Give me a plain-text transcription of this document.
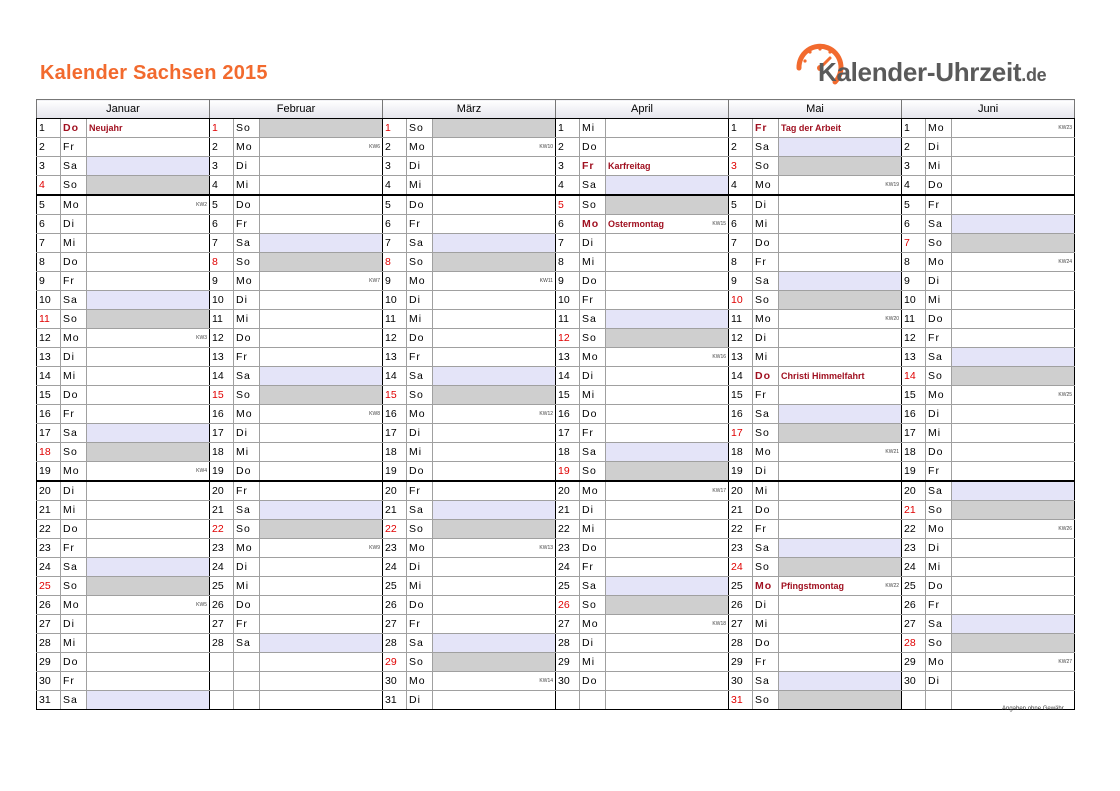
Kalender Sachsen 2015	Kalender-Uhrzeit.de
Januar			Februar			März			April			Mai			Juni		
1	Do	Neujahr	1	So		1	So		1	Mi		1	Fr	Tag der Arbeit	1	Mo	KW23

2	Fr		2	Mo	KW6	2	Mo	KW10	2	Do		2	Sa		2	Di	
3	Sa		3	Di		3	Di		3	Fr	Karfreitag	3	So		3	Mi	
4	So		4	Mi		4	Mi		4	Sa		4	Mo	KW19	4	Do	
5	Mo	KW2	5	Do		5	Do		5	So		5	Di		5	Fr	
6	Di		6	Fr		6	Fr		6	Mo	Ostermontag KW15	6	Mi		6	Sa	
7	Mi		7	Sa		7	Sa		7	Di		7	Do		7	So	
8	Do		8	So		8	So		8	Mi		8	Fr		8	Mo	KW24

9	Fr		9	Mo	KW7	9	Mo	KW11	9	Do		9	Sa		9	Di	
10	Sa		10	Di		10	Di		10	Fr		10	So		10	Mi	
11	So		11	Mi		11	Mi		11	Sa		11	Mo	KW20	11	Do	
12	Mo	KW3	12	Do		12	Do		12	So		12	Di		12	Fr	
13	Di		13	Fr		13	Fr		13	Mo	KW16	13	Mi		13	Sa	
14	Mi		14	Sa		14	Sa		14	Di		14	Do	Christi Himmelfahrt	14	So	
15	Do		15	So		15	So		15	Mi		15	Fr		15	Mo	KW25

16	Fr		16	Mo	KW8	16	Mo	KW12	16	Do		16	Sa		16	Di	
17	Sa		17	Di		17	Di		17	Fr		17	So		17	Mi	
18	So		18	Mi		18	Mi		18	Sa		18	Mo	KW21	18	Do	
19	Mo	KW4	19	Do		19	Do		19	So		19	Di		19	Fr	
20	Di		20	Fr		20	Fr		20	Mo	KW17	20	Mi		20	Sa	
21	Mi		21	Sa		21	Sa		21	Di		21	Do		21	So	
22	Do		22	So		22	So		22	Mi		22	Fr		22	Mo	KW26

23	Fr		23	Mo	KW9	23	Mo	KW13	23	Do		23	Sa		23	Di	
24	Sa		24	Di		24	Di		24	Fr		24	So		24	Mi	
25	So		25	Mi		25	Mi		25	Sa		25	Mo	Pfingstmontag KW22	25	Do	
26	Mo	KW5	26	Do		26	Do		26	So		26	Di		26	Fr	
27	Di		27	Fr		27	Fr		27	Mo	KW18	27	Mi		27	Sa	
28	Mi		28	Sa		28	Sa		28	Di		28	Do		28	So	
29	Do					29	So		29	Mi		29	Fr		29	Mo	KW27

30	Fr					30	Mo	KW14	30	Do		30	Sa		30	Di	
31	Sa					31	Di					31	So				
Angaben ohne Gewähr
